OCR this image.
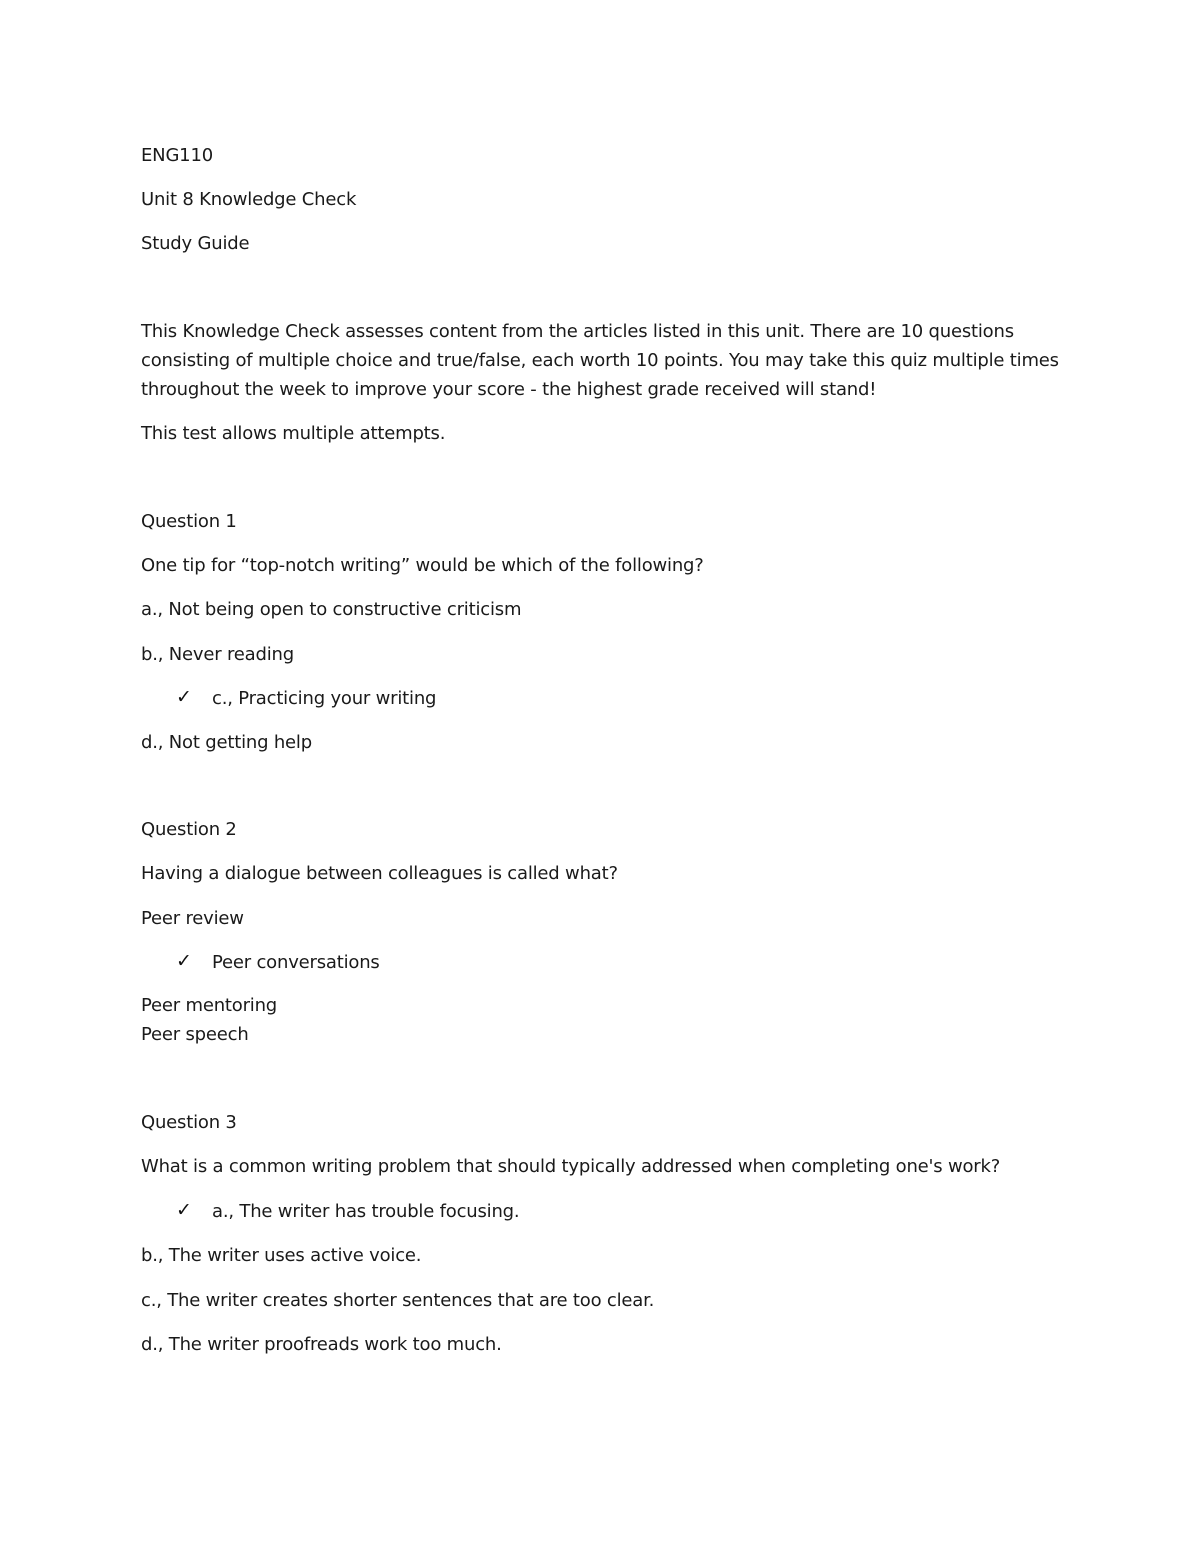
ENG110
Unit 8 Knowledge Check
Study Guide
This Knowledge Check assesses content from the articles listed in this unit. There are 10 questions consisting of multiple choice and true/false, each worth 10 points. You may take this quiz multiple times throughout the week to improve your score - the highest grade received will stand!
This test allows multiple attempts.
Question 1
One tip for “top-notch writing” would be which of the following?
a., Not being open to constructive criticism
b., Never reading
✓ c., Practicing your writing
d., Not getting help
Question 2
Having a dialogue between colleagues is called what?
Peer review
✓ Peer conversations
Peer mentoring
Peer speech
Question 3
What is a common writing problem that should typically addressed when completing one's work?
✓ a., The writer has trouble focusing.
b., The writer uses active voice.
c., The writer creates shorter sentences that are too clear.
d., The writer proofreads work too much.
